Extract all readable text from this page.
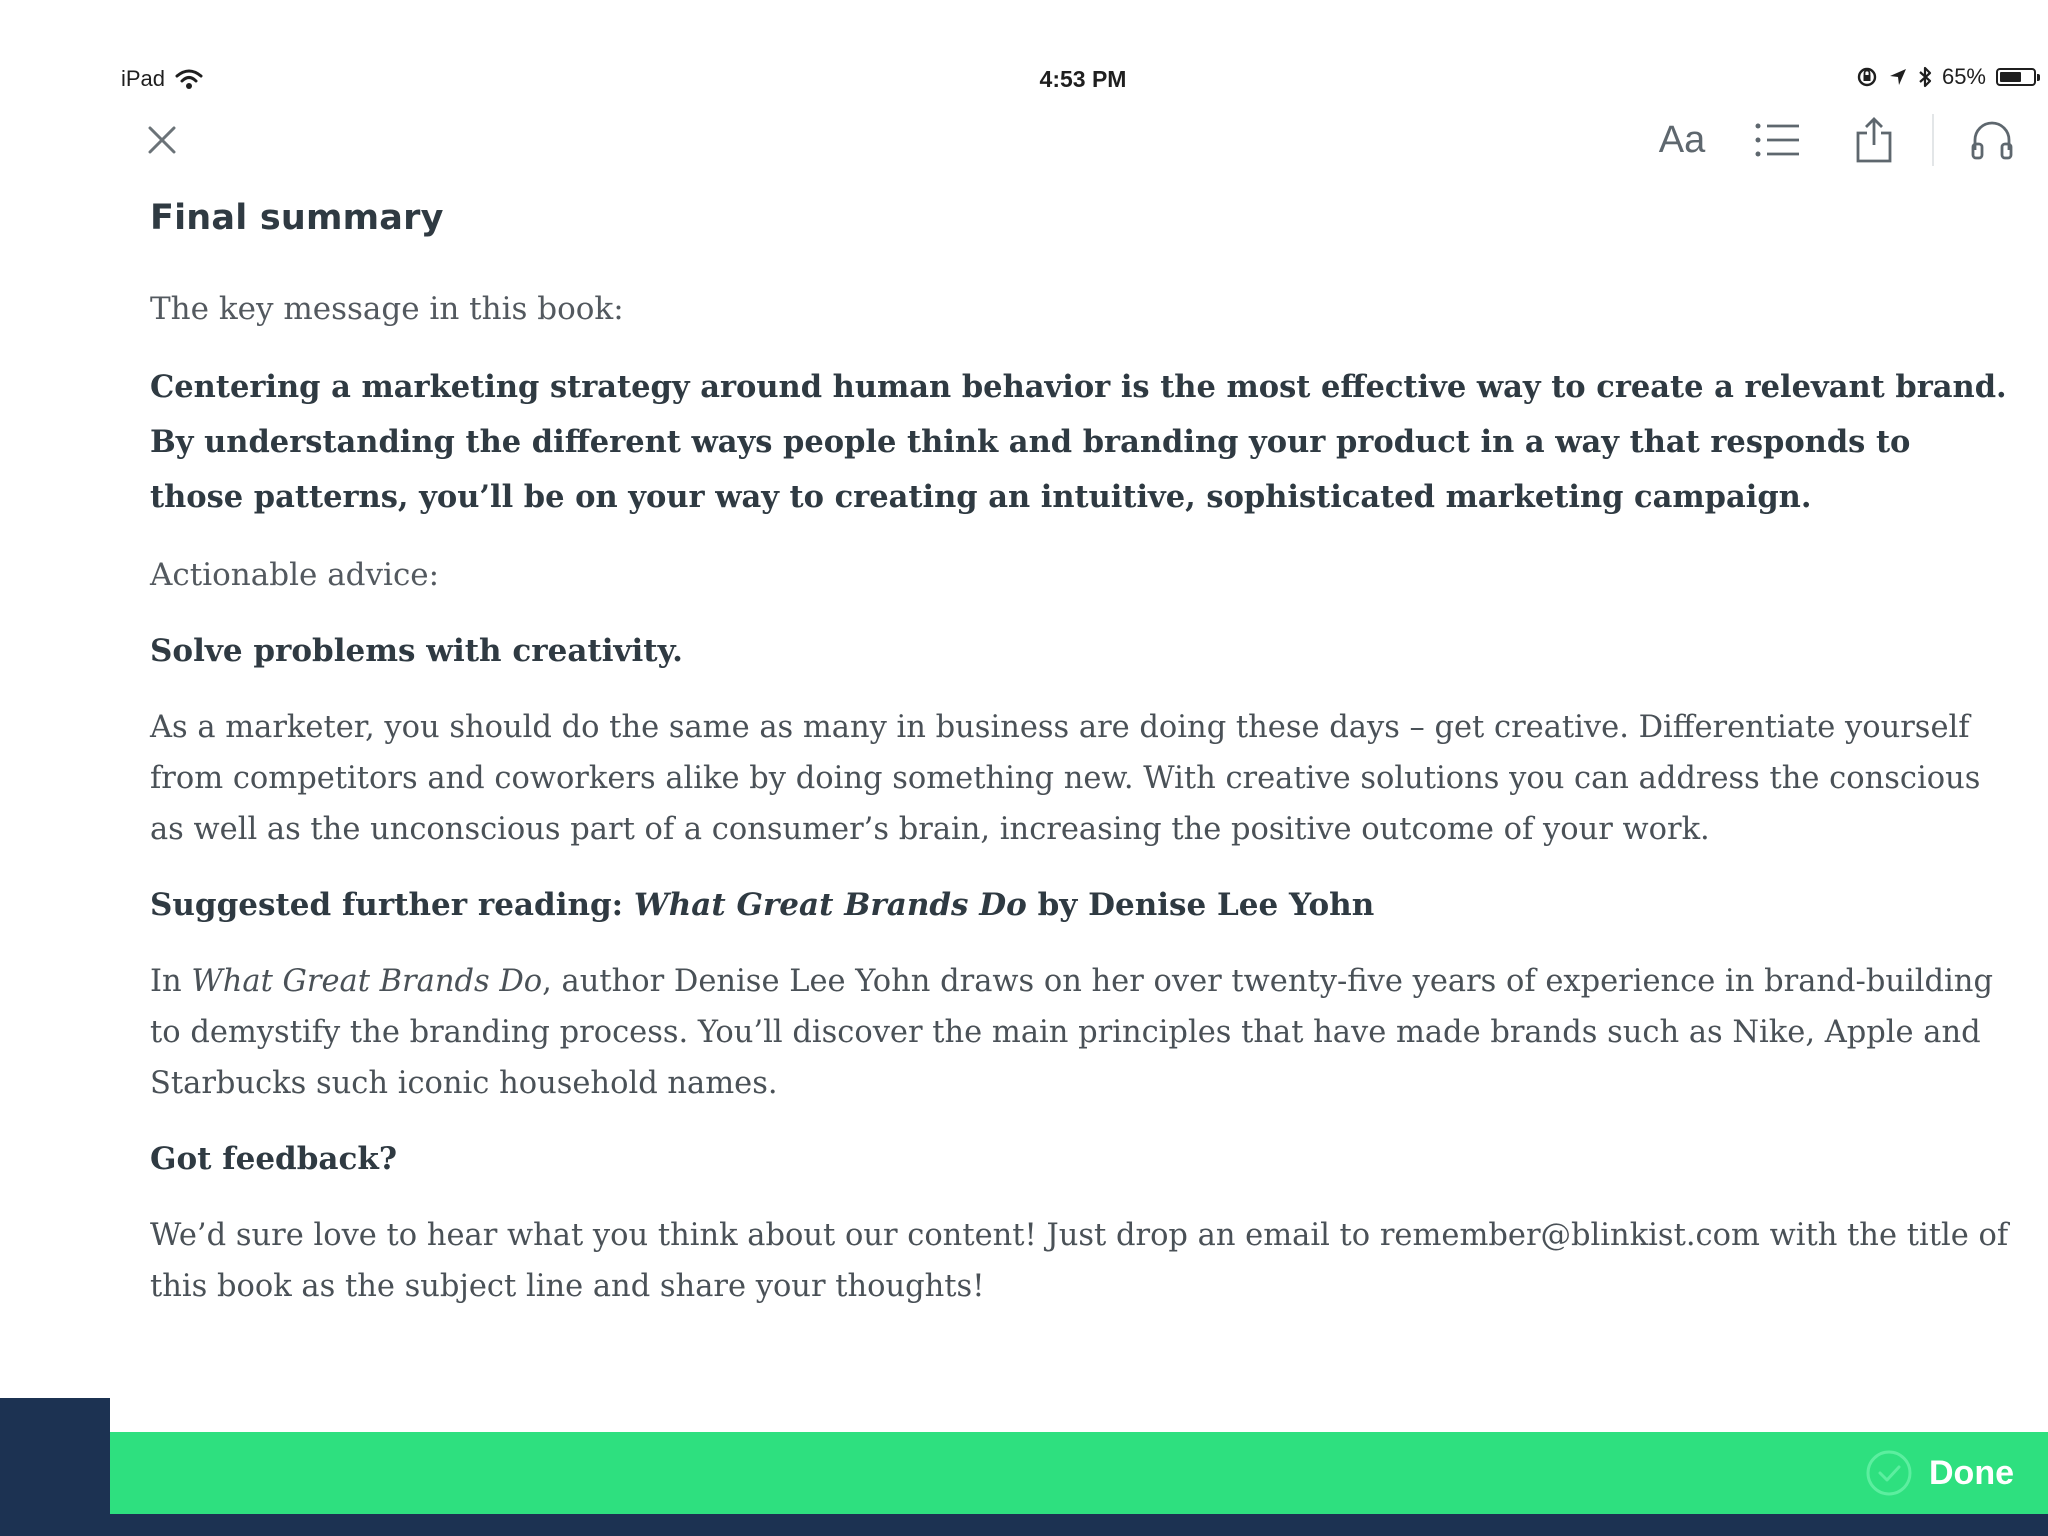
iPad	4:53 PM	65%
Aa
Final summary

The key message in this book:

Centering a marketing strategy around human behavior is the most effective way to create a relevant brand. By understanding the different ways people think and branding your product in a way that responds to those patterns, you’ll be on your way to creating an intuitive, sophisticated marketing campaign.

Actionable advice:

Solve problems with creativity.

As a marketer, you should do the same as many in business are doing these days – get creative. Differentiate yourself from competitors and coworkers alike by doing something new. With creative solutions you can address the conscious as well as the unconscious part of a consumer’s brain, increasing the positive outcome of your work.

Suggested further reading: What Great Brands Do by Denise Lee Yohn

In What Great Brands Do, author Denise Lee Yohn draws on her over twenty-five years of experience in brand-building to demystify the branding process. You’ll discover the main principles that have made brands such as Nike, Apple and Starbucks such iconic household names.

Got feedback?

We’d sure love to hear what you think about our content! Just drop an email to remember@blinkist.com with the title of this book as the subject line and share your thoughts!

Done
